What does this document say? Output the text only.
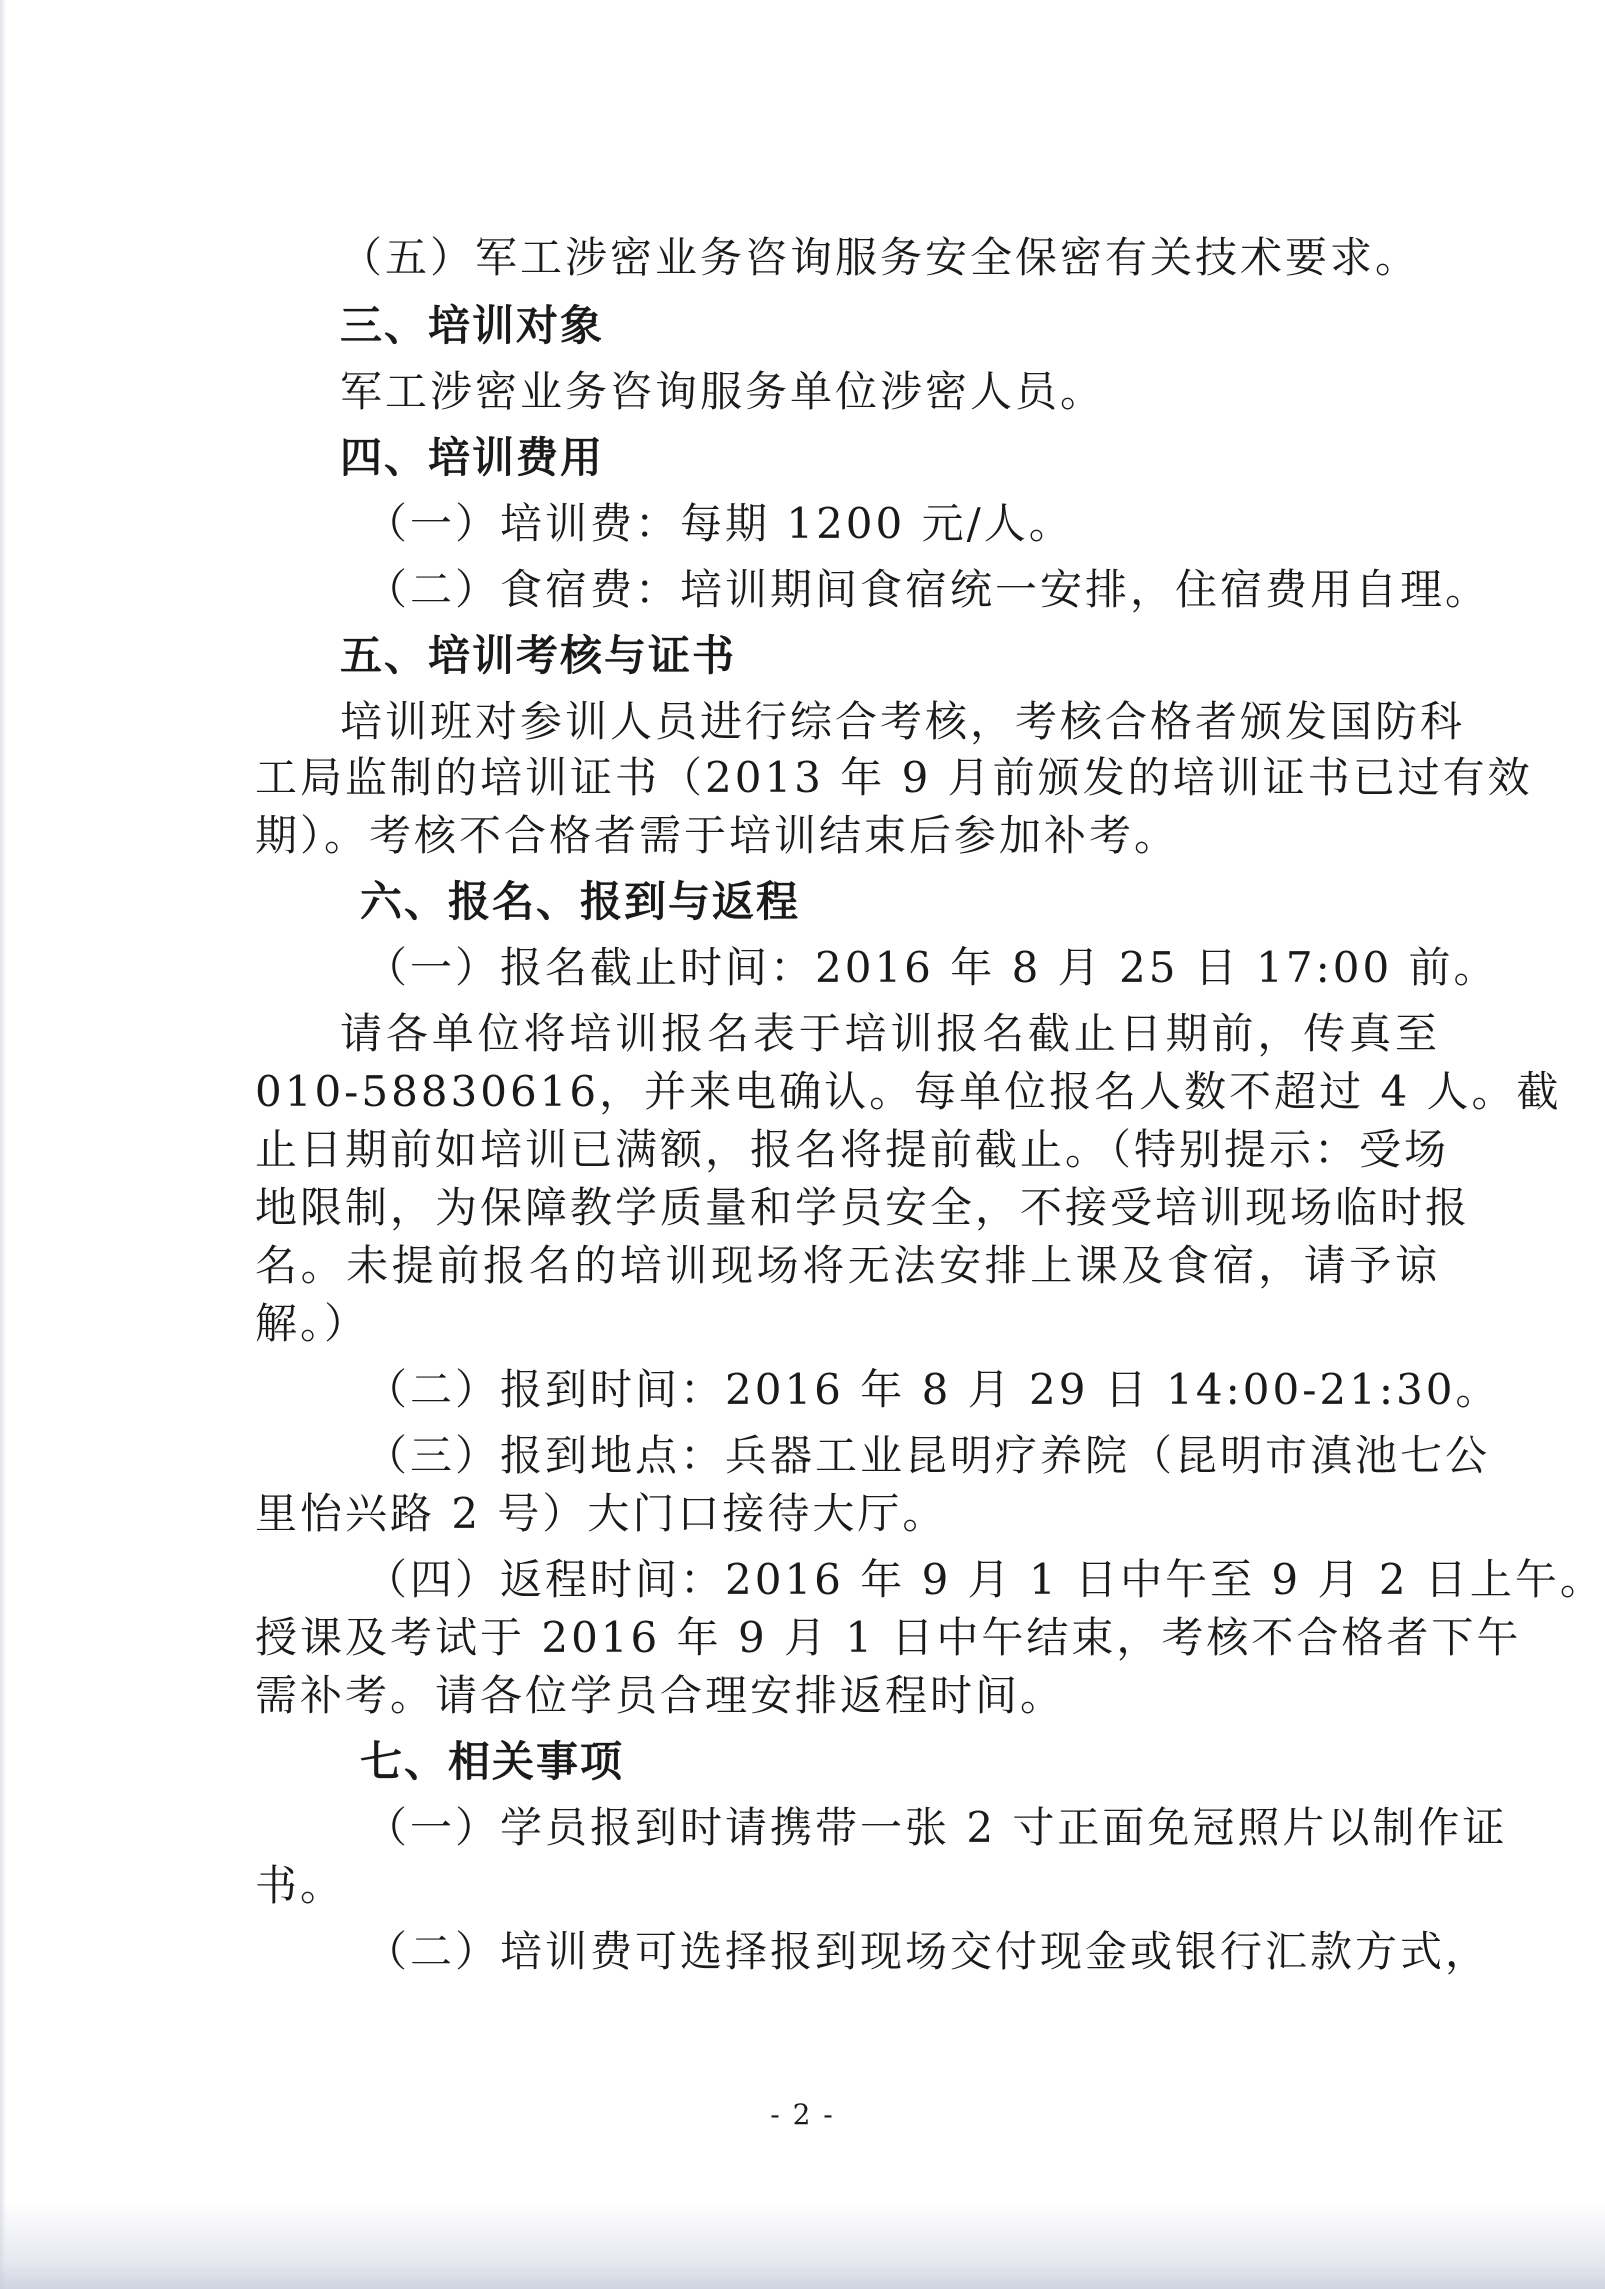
（五）军工涉密业务咨询服务安全保密有关技术要求。
三、培训对象
军工涉密业务咨询服务单位涉密人员。
四、培训费用
（一）培训费：每期 1200 元/人。
（二）食宿费：培训期间食宿统一安排，住宿费用自理。
五、培训考核与证书
培训班对参训人员进行综合考核，考核合格者颁发国防科
工局监制的培训证书（2013 年 9 月前颁发的培训证书已过有效
期）。考核不合格者需于培训结束后参加补考。
六、报名、报到与返程
（一）报名截止时间：2016 年 8 月 25 日 17:00 前。
请各单位将培训报名表于培训报名截止日期前，传真至
010-58830616，并来电确认。每单位报名人数不超过 4 人。截
止日期前如培训已满额，报名将提前截止。（特别提示：受场
地限制，为保障教学质量和学员安全，不接受培训现场临时报
名。未提前报名的培训现场将无法安排上课及食宿，请予谅
解。）
（二）报到时间：2016 年 8 月 29 日 14:00-21:30。
（三）报到地点：兵器工业昆明疗养院（昆明市滇池七公
里怡兴路 2 号）大门口接待大厅。
（四）返程时间：2016 年 9 月 1 日中午至 9 月 2 日上午。
授课及考试于 2016 年 9 月 1 日中午结束，考核不合格者下午
需补考。请各位学员合理安排返程时间。
七、相关事项
（一）学员报到时请携带一张 2 寸正面免冠照片以制作证
书。
（二）培训费可选择报到现场交付现金或银行汇款方式，
- 2 -
